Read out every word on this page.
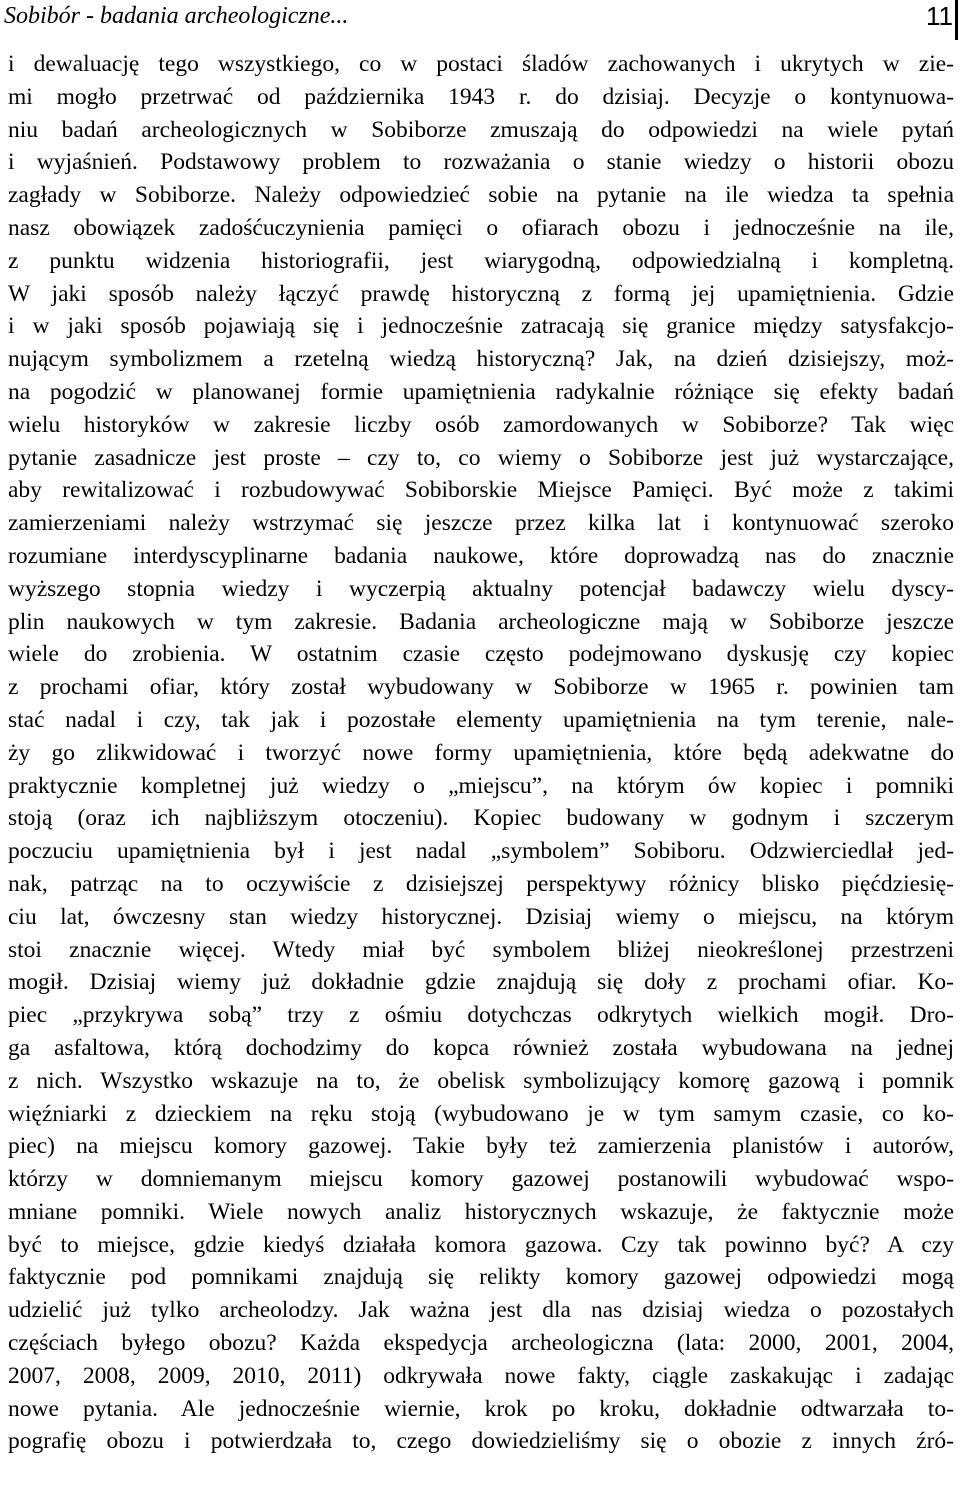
Sobibór - badania archeologiczne...	11
i dewaluację tego wszystkiego, co w postaci śladów zachowanych i ukrytych w zie-
mi mogło przetrwać od października 1943 r. do dzisiaj. Decyzje o kontynuowa-
niu badań archeologicznych w Sobiborze zmuszają do odpowiedzi na wiele pytań
i wyjaśnień. Podstawowy problem to rozważania o stanie wiedzy o historii obozu
zagłady w Sobiborze. Należy odpowiedzieć sobie na pytanie na ile wiedza ta spełnia
nasz obowiązek zadośćuczynienia pamięci o ofiarach obozu i jednocześnie na ile,
z punktu widzenia historiografii, jest wiarygodną, odpowiedzialną i kompletną.
W jaki sposób należy łączyć prawdę historyczną z formą jej upamiętnienia. Gdzie
i w jaki sposób pojawiają się i jednocześnie zatracają się granice między satysfakcjo-
nującym symbolizmem a rzetelną wiedzą historyczną? Jak, na dzień dzisiejszy, moż-
na pogodzić w planowanej formie upamiętnienia radykalnie różniące się efekty badań
wielu historyków w zakresie liczby osób zamordowanych w Sobiborze? Tak więc
pytanie zasadnicze jest proste – czy to, co wiemy o Sobiborze jest już wystarczające,
aby rewitalizować i rozbudowywać Sobiborskie Miejsce Pamięci. Być może z takimi
zamierzeniami należy wstrzymać się jeszcze przez kilka lat i kontynuować szeroko
rozumiane interdyscyplinarne badania naukowe, które doprowadzą nas do znacznie
wyższego stopnia wiedzy i wyczerpią aktualny potencjał badawczy wielu dyscy-
plin naukowych w tym zakresie. Badania archeologiczne mają w Sobiborze jeszcze
wiele do zrobienia. W ostatnim czasie często podejmowano dyskusję czy kopiec
z prochami ofiar, który został wybudowany w Sobiborze w 1965 r. powinien tam
stać nadal i czy, tak jak i pozostałe elementy upamiętnienia na tym terenie, nale-
ży go zlikwidować i tworzyć nowe formy upamiętnienia, które będą adekwatne do
praktycznie kompletnej już wiedzy o „miejscu”, na którym ów kopiec i pomniki
stoją (oraz ich najbliższym otoczeniu). Kopiec budowany w godnym i szczerym
poczuciu upamiętnienia był i jest nadal „symbolem” Sobiboru. Odzwierciedlał jed-
nak, patrząc na to oczywiście z dzisiejszej perspektywy różnicy blisko pięćdziesię-
ciu lat, ówczesny stan wiedzy historycznej. Dzisiaj wiemy o miejscu, na którym
stoi znacznie więcej. Wtedy miał być symbolem bliżej nieokreślonej przestrzeni
mogił. Dzisiaj wiemy już dokładnie gdzie znajdują się doły z prochami ofiar. Ko-
piec „przykrywa sobą” trzy z ośmiu dotychczas odkrytych wielkich mogił. Dro-
ga asfaltowa, którą dochodzimy do kopca również została wybudowana na jednej
z nich. Wszystko wskazuje na to, że obelisk symbolizujący komorę gazową i pomnik
więźniarki z dzieckiem na ręku stoją (wybudowano je w tym samym czasie, co ko-
piec) na miejscu komory gazowej. Takie były też zamierzenia planistów i autorów,
którzy w domniemanym miejscu komory gazowej postanowili wybudować wspo-
mniane pomniki. Wiele nowych analiz historycznych wskazuje, że faktycznie może
być to miejsce, gdzie kiedyś działała komora gazowa. Czy tak powinno być? A czy
faktycznie pod pomnikami znajdują się relikty komory gazowej odpowiedzi mogą
udzielić już tylko archeolodzy. Jak ważna jest dla nas dzisiaj wiedza o pozostałych
częściach byłego obozu? Każda ekspedycja archeologiczna (lata: 2000, 2001, 2004,
2007, 2008, 2009, 2010, 2011) odkrywała nowe fakty, ciągle zaskakując i zadając
nowe pytania. Ale jednocześnie wiernie, krok po kroku, dokładnie odtwarzała to-
pografię obozu i potwierdzała to, czego dowiedzieliśmy się o obozie z innych źró-
